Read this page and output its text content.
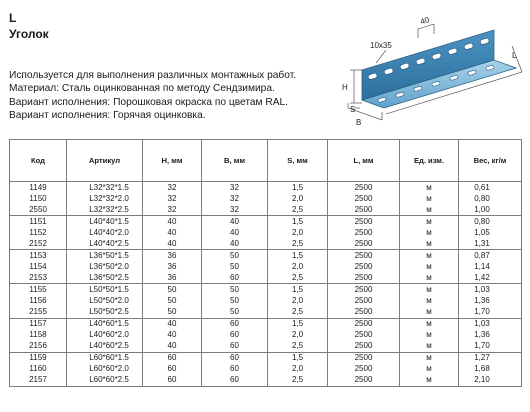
L
Уголок
Используется для выполнения различных монтажных работ.
Материал: Сталь оцинкованная по методу Сендзимира.
Вариант исполнения: Порошковая окраска по цветам RAL.
Вариант исполнения: Горячая оцинковка.
40
10x35
H
S
B
L
Код	Артикул	H, мм	B, мм	S, мм	L, мм	Ед. изм.	Вес, кг/м
1149	L32*32*1.5	32	32	1,5	2500	м	0,61
1150	L32*32*2.0	32	32	2,0	2500	м	0,80
2550	L32*32*2.5	32	32	2,5	2500	м	1,00
1151	L40*40*1.5	40	40	1,5	2500	м	0,80
1152	L40*40*2.0	40	40	2,0	2500	м	1,05
2152	L40*40*2.5	40	40	2,5	2500	м	1,31
1153	L36*50*1.5	36	50	1,5	2500	м	0,87
1154	L36*50*2.0	36	50	2,0	2500	м	1,14
2153	L36*50*2.5	36	60	2,5	2500	м	1,42
1155	L50*50*1.5	50	50	1,5	2500	м	1,03
1156	L50*50*2.0	50	50	2,0	2500	м	1,36
2155	L50*50*2.5	50	50	2,5	2500	м	1,70
1157	L40*60*1.5	40	60	1,5	2500	м	1,03
1158	L40*60*2.0	40	60	2,0	2500	м	1,36
2156	L40*60*2.5	40	60	2,5	2500	м	1,70
1159	L60*60*1.5	60	60	1,5	2500	м	1,27
1160	L60*60*2.0	60	60	2,0	2500	м	1,68
2157	L60*60*2.5	60	60	2,5	2500	м	2,10
